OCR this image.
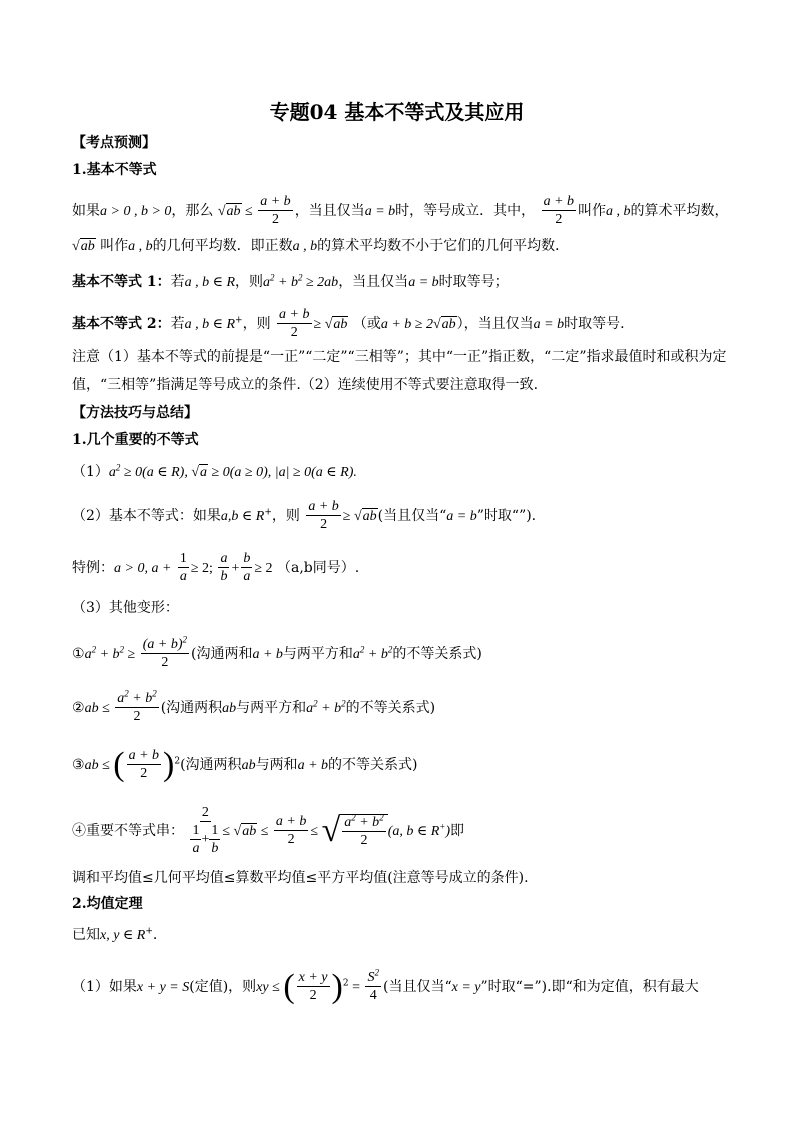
专题04 基本不等式及其应用
【考点预测】
1.基本不等式
如果a > 0 , b > 0，那么 $√ab \le \frac{a + b}{2}$ ，当且仅当a = b时，等号成立．其中， $\frac{a + b}{2}$ 叫作a , b的算术平均数，
√ab 叫作a , b的几何平均数．即正数a , b的算术平均数不小于它们的几何平均数．
基本不等式 1：若a , b ∈ R，则$a^2 + b^2 \ge 2ab$，当且仅当a = b时取等号；
基本不等式 2：若a , b ∈ R+，则 $\frac{a + b}{2} \ge √ab$ （或a + b ≥ 2√ab），当且仅当a = b时取等号.
注意（1）基本不等式的前提是“一正”“二定”“三相等”；其中“一正”指正数，“二定”指求最值时和或积为定
值，“三相等”指满足等号成立的条件.（2）连续使用不等式要注意取得一致.
【方法技巧与总结】
1.几个重要的不等式
$(1)a^2 \ge 0(a$ ∈ R), √a ≥ 0(a ≥ 0), |a| ≥ 0(a ∈ R).
（2）基本不等式：如果a,b ∈ R+，则 $\frac{a + b}{2} \ge √ab$(当且仅当“a = b”时取“”).
特例：a > 0, $a + \frac{1}{a} \ge 2$; $\frac{a}{b} + \frac{b}{a} \ge 2$ （a,b同号）.
（3）其他变形：
$①a^2 + b^2 \ge \frac{(a + b)^2}{2}$ (沟通两和a + b与两平方和$a^2 + b^2$的不等关系式)
②ab ≤ $\frac{a^2 + b^2}{2}$ (沟通两积ab与两平方和$a^2 + b^2$的不等关系式)
③ab ≤ ( $\frac{a + b}{2} )^2$(沟通两积ab与两和a + b的不等关系式)
④重要不等式串： $\frac{2}{\frac{1}{a} + \frac{1}{b}} \le √ab \le \frac{a + b}{2}$ ≤ √ $\frac{a^2 + b^2}{2} (a$, b ∈ R+)即
调和平均值≤几何平均值≤算数平均值≤平方平均值(注意等号成立的条件).
2.均值定理
已知x, y ∈ R+.
（1）如果x + y = S(定值)，则xy ≤ ( $\frac{x + y}{2} )^2 = \frac{S^2}{4}$ (当且仅当“x = y”时取“=”).即“和为定值，积有最大
